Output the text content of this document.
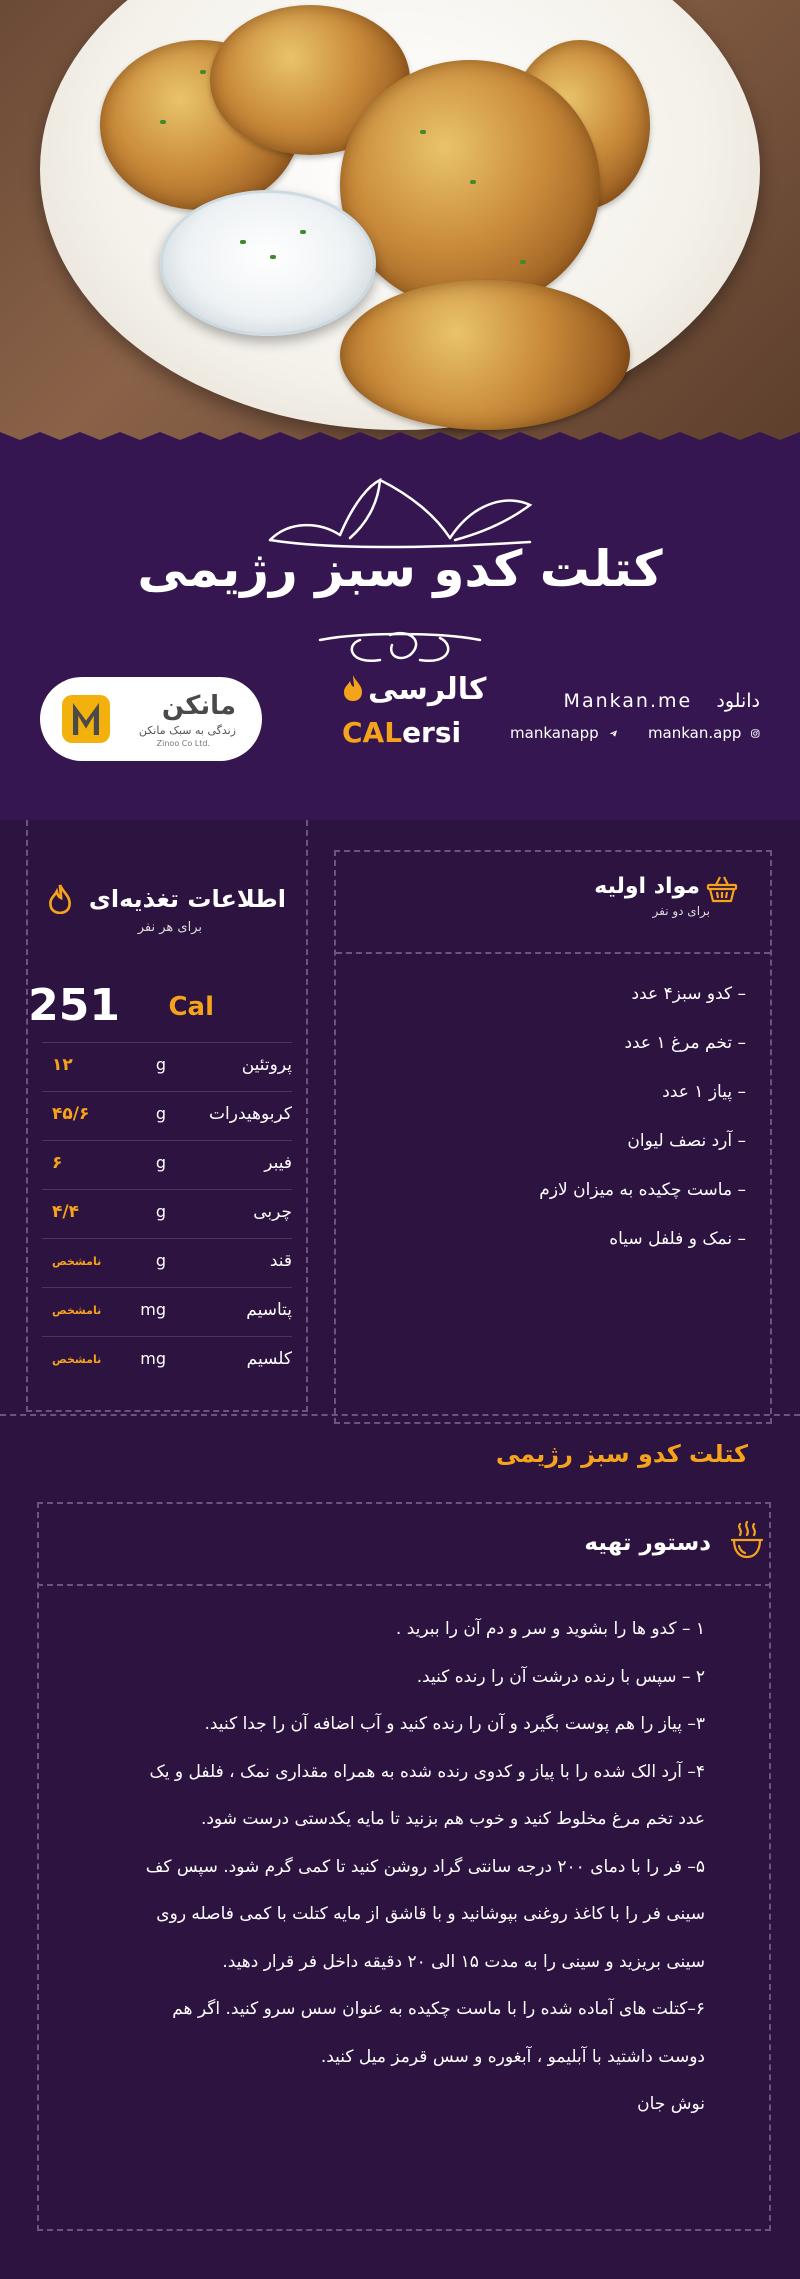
کتلت کدو سبز رژیمی
مانکن
زندگی به سبک مانکن
Zinoo Co Ltd.
کالرسی
CALersi
دانلود    Mankan.me
mankanapp	mankan.app
مواد اولیه
برای دو نفر
– کدو سبز۴ عدد
– تخم مرغ ۱ عدد
– پیاز ۱ عدد
– آرد نصف لیوان
– ماست چکیده به میزان لازم
– نمک و فلفل سیاه
اطلاعات تغذیه‌ای
برای هر نفر
251 Cal
پروتئین
g
۱۲
کربوهیدرات
g
۴۵/۶
فیبر
g
۶
چربی
g
۴/۴
قند
g
نامشخص
پتاسیم
mg
نامشخص
کلسیم
mg
نامشخص
کتلت کدو سبز رژیمی
دستور تهیه

۱ – کدو ها را بشوید و سر و دم آن را ببرید .

۲ – سپس با رنده درشت آن را رنده کنید.

۳– پیاز را هم پوست بگیرد و آن را رنده کنید و آب اضافه آن را جدا کنید.

۴– آرد الک شده را با پیاز و کدوی رنده شده به همراه مقداری نمک ، فلفل و یک

عدد تخم مرغ مخلوط کنید و خوب هم بزنید تا مایه یکدستی درست شود.

۵– فر را با دمای ۲۰۰ درجه سانتی گراد روشن کنید تا کمی گرم شود. سپس کف

سینی فر را با کاغذ روغنی بپوشانید و با قاشق از مایه کتلت با کمی فاصله روی

سینی بریزید و سینی را به مدت ۱۵ الی ۲۰ دقیقه داخل فر قرار دهید.

۶–کتلت های آماده شده را با ماست چکیده به عنوان سس سرو کنید. اگر هم

دوست داشتید با آبلیمو ، آبغوره و سس قرمز میل کنید.

نوش جان
